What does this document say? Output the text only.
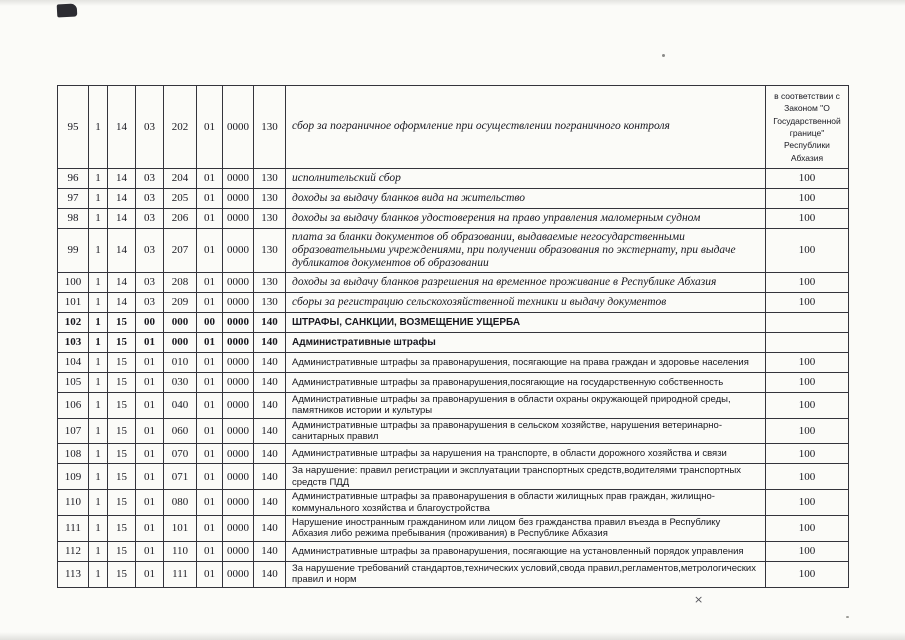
×
95	1	14	03	202	01	0000	130	сбор за пограничное оформление при осуществлении пограничного контроля	в соответствии с Законом "О Государственной границе" Республики Абхазия
96	1	14	03	204	01	0000	130	исполнительский сбор	100
97	1	14	03	205	01	0000	130	доходы за выдачу бланков вида на жительство	100
98	1	14	03	206	01	0000	130	доходы за выдачу бланков удостоверения на право управления маломерным судном	100
99	1	14	03	207	01	0000	130	плата за бланки документов об образовании, выдаваемые негосударственными образовательными учреждениями, при получении образования по экстернату, при выдаче дубликатов документов об образовании	100
100	1	14	03	208	01	0000	130	доходы за выдачу бланков разрешения на временное проживание в Республике Абхазия	100
101	1	14	03	209	01	0000	130	сборы за регистрацию сельскохозяйственной техники и выдачу документов	100
102	1	15	00	000	00	0000	140	ШТРАФЫ, САНКЦИИ, ВОЗМЕЩЕНИЕ УЩЕРБА	
103	1	15	01	000	01	0000	140	Административные штрафы	
104	1	15	01	010	01	0000	140	Административные штрафы за правонарушения, посягающие на права граждан и здоровье населения	100
105	1	15	01	030	01	0000	140	Административные штрафы за правонарушения,посягающие на государственную собственность	100
106	1	15	01	040	01	0000	140	Административные штрафы за правонарушения в области охраны окружающей природной среды, памятников истории и культуры	100
107	1	15	01	060	01	0000	140	Административные штрафы за правонарушения в сельском хозяйстве, нарушения ветеринарно-санитарных правил	100
108	1	15	01	070	01	0000	140	Административные штрафы за нарушения на транспорте, в области дорожного хозяйства и связи	100
109	1	15	01	071	01	0000	140	За нарушение: правил регистрации и эксплуатации транспортных средств,водителями транспортных средств ПДД	100
110	1	15	01	080	01	0000	140	Административные штрафы за правонарушения в области жилищных прав граждан, жилищно-коммунального хозяйства и благоустройства	100
111	1	15	01	101	01	0000	140	Нарушение иностранным гражданином или лицом без гражданства правил въезда в Республику Абхазия либо режима пребывания (проживания) в Республике Абхазия	100
112	1	15	01	110	01	0000	140	Административные штрафы за правонарушения, посягающие на установленный порядок управления	100
113	1	15	01	111	01	0000	140	За нарушение требований стандартов,технических условий,свода правил,регламентов,метрологических правил и норм	100
